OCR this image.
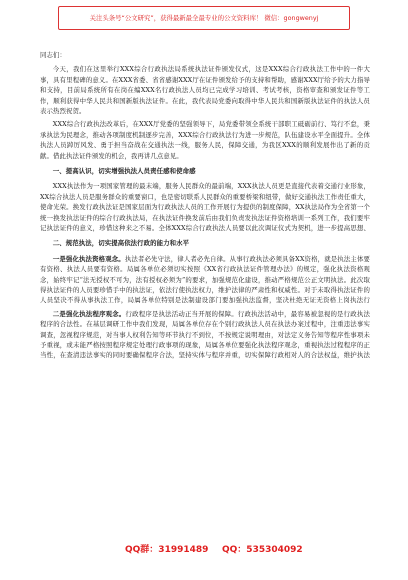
关注头条号“公文研究”，获得最新最全最专业的公文资料库！ 微信：gongwenyj

同志们：

今天，我们在这里举行XXX综合行政执法局系统执法证件颁发仪式，这是XXX综合行政执法工作中的一件大事，具有里程碑的意义。在XXX省委、省省感谢XXX厅在证件颁发给予的支持和帮助，感谢XXX厅给予的大力指导和支持，目前局系统所有在岗在编XXX名行政执法人员均已完成学习培训、考试考核，资格审查和颁发证件等工作，顺利获得中华人民共和国新版执法证件。在此，我代表局党委向取得中华人民共和国新版执法证件的执法人员表示热烈祝贺。

XXX综合行政执法改革后，在XXX厅党委的坚强领导下，局党委带领全系统干部职工砥砺前行、笃行不怠，秉承执法为民理念，推动各项制度机制逐步完善，XXX综合行政执法行为进一步规范，队伍建设水平全面提升。全体执法人员踔厉风发、勇于担当奋战在交通执法一线，服务人民，保障交通，为我区XXX的顺利发展作出了新的贡献。借此执法证件颁发的机会，我再讲几点意见。

一、提高认识，切实增强执法人员责任感和使命感

XXX执法作为一项国家管理的最末端，服务人民群众的最前端，XXX执法人员更是直接代表着交通行业形象，XX综合执法人员是服务群众的重要窗口，也是密切联系人民群众的重要桥梁和纽带，做好交通执法工作责任重大，使命光荣。换发行政执法证是国家层面为行政执法人员的工作开展行为提供的制度保障，XX执法局作为全省第一个统一换发执法证件的综合行政执法局，在执法证件换发前后由我们负责发执法证件资格培训一系列工作，我们要牢记执法证件的意义，珍惜这种来之不易。全体XXX综合行政执法人员要以此次调证仪式为契机，进一步提高思想、

二、规范执法，切实提高依法行政的能力和水平

一是强化执法资格观念。执法者必先守法，律人者必先自律。从事行政执法必须具备XX资格，就是执法主体要有资格、执法人员要有资格。局属各单位必须切实按照《XX省行政执法证件管理办法》的规定，强化执法资格观念，始终牢记“法无授权不可为，法有授权必须为”的要求，加强规范化建设，推动严格规范公正文明执法。此次取得执法证件的人员要珍惜手中的执法证，依法行使执法权力，维护法律的严肃性和权威性。对于未取得执法证件的人员坚决不得从事执法工作，局属各单位特别是法制建设部门要加强执法监督，坚决杜绝无证无资格上岗执法行

二是强化执法程序观念。行政程序是执法活动正当开展的保障。行政执法活动中，最容易被忽视的是行政执法程序的合法性。在基层调研工作中我们发现，局属各单位存在个别行政执法人员在执法办案过程中，注重违法事实调查，忽视程序规范，对当事人权利告知等环节执行不到位，不按规定说明理由，对法定义务告知等程序性事项未予重视，或未能严格按照程序规定处理行政事项的现象，局属各单位要强化执法程序观念，重视执法过程程序的正当性，在查清违法事实的同时要确保程序合法，坚持实体与程序并重，切实保障行政相对人的合法权益，维护执法

QQ群：31991489 QQ：535304092
